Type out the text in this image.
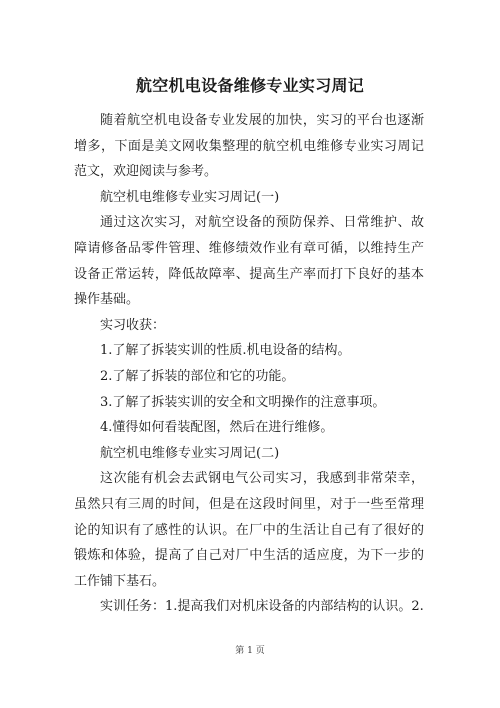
航空机电设备维修专业实习周记

随着航空机电设备专业发展的加快，实习的平台也逐渐增多，下面是美文网收集整理的航空机电维修专业实习周记范文，欢迎阅读与参考。

航空机电维修专业实习周记(一)

通过这次实习，对航空设备的预防保养、日常维护、故障请修备品零件管理、维修绩效作业有章可循，以维持生产设备正常运转，降低故障率、提高生产率而打下良好的基本操作基础。

实习收获：

1.了解了拆装实训的性质.机电设备的结构。

2.了解了拆装的部位和它的功能。

3.了解了拆装实训的安全和文明操作的注意事项。

4.懂得如何看装配图，然后在进行维修。

航空机电维修专业实习周记(二)

这次能有机会去武钢电气公司实习，我感到非常荣幸，虽然只有三周的时间，但是在这段时间里，对于一些至常理论的知识有了感性的认识。在厂中的生活让自己有了很好的锻炼和体验，提高了自己对厂中生活的适应度，为下一步的工作铺下基石。

实训任务：1.提高我们对机床设备的内部结构的认识。2.

第 1 页
